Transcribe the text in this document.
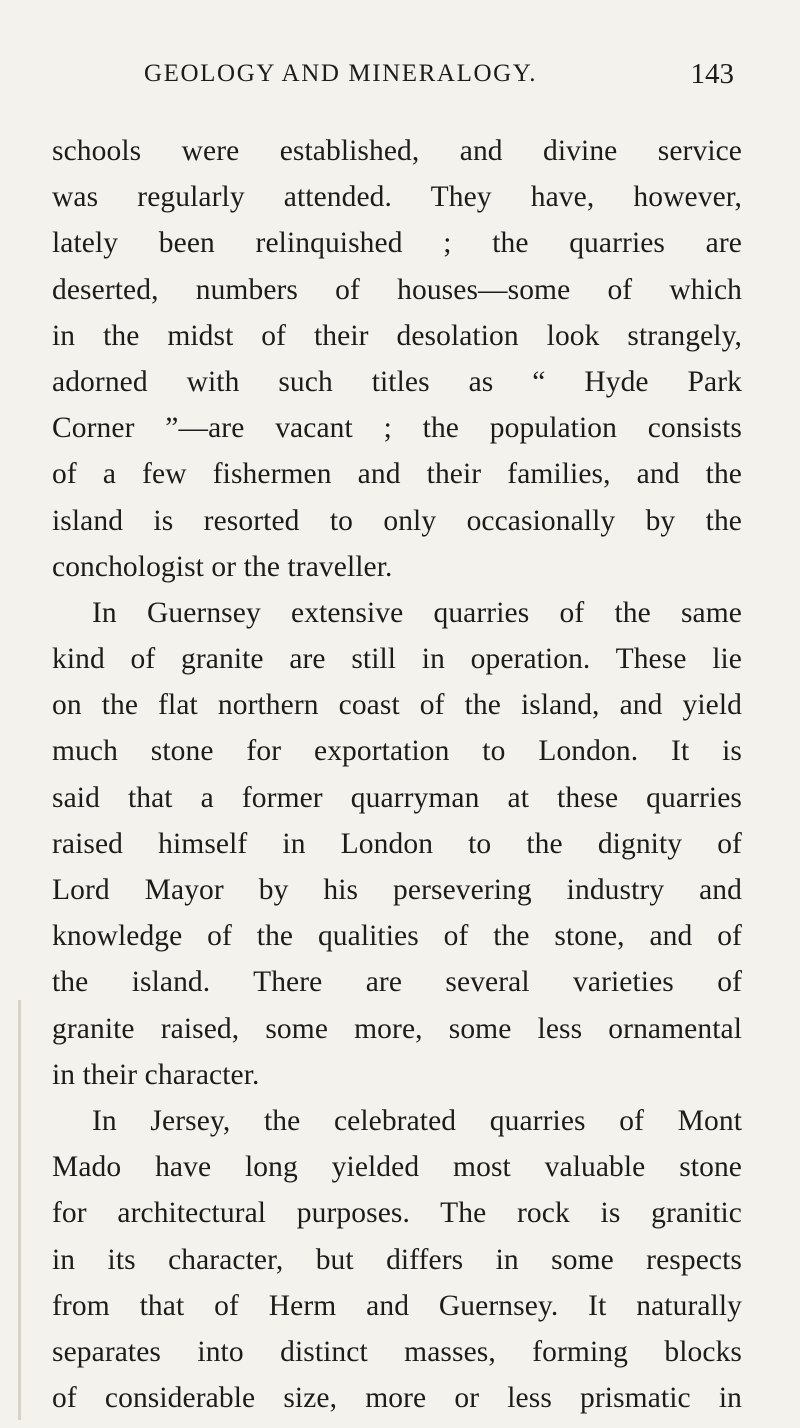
GEOLOGY AND MINERALOGY.	143
schools were established, and divine service
was regularly attended. They have, however,
lately been relinquished ; the quarries are
deserted, numbers of houses—some of which
in the midst of their desolation look strangely,
adorned with such titles as “ Hyde Park
Corner ”—are vacant ; the population consists
of a few fishermen and their families, and the
island is resorted to only occasionally by the
conchologist or the traveller.
In Guernsey extensive quarries of the same
kind of granite are still in operation. These lie
on the flat northern coast of the island, and yield
much stone for exportation to London. It is
said that a former quarryman at these quarries
raised himself in London to the dignity of
Lord Mayor by his persevering industry and
knowledge of the qualities of the stone, and of
the island. There are several varieties of
granite raised, some more, some less ornamental
in their character.
In Jersey, the celebrated quarries of Mont
Mado have long yielded most valuable stone
for architectural purposes. The rock is granitic
in its character, but differs in some respects
from that of Herm and Guernsey. It naturally
separates into distinct masses, forming blocks
of considerable size, more or less prismatic in
